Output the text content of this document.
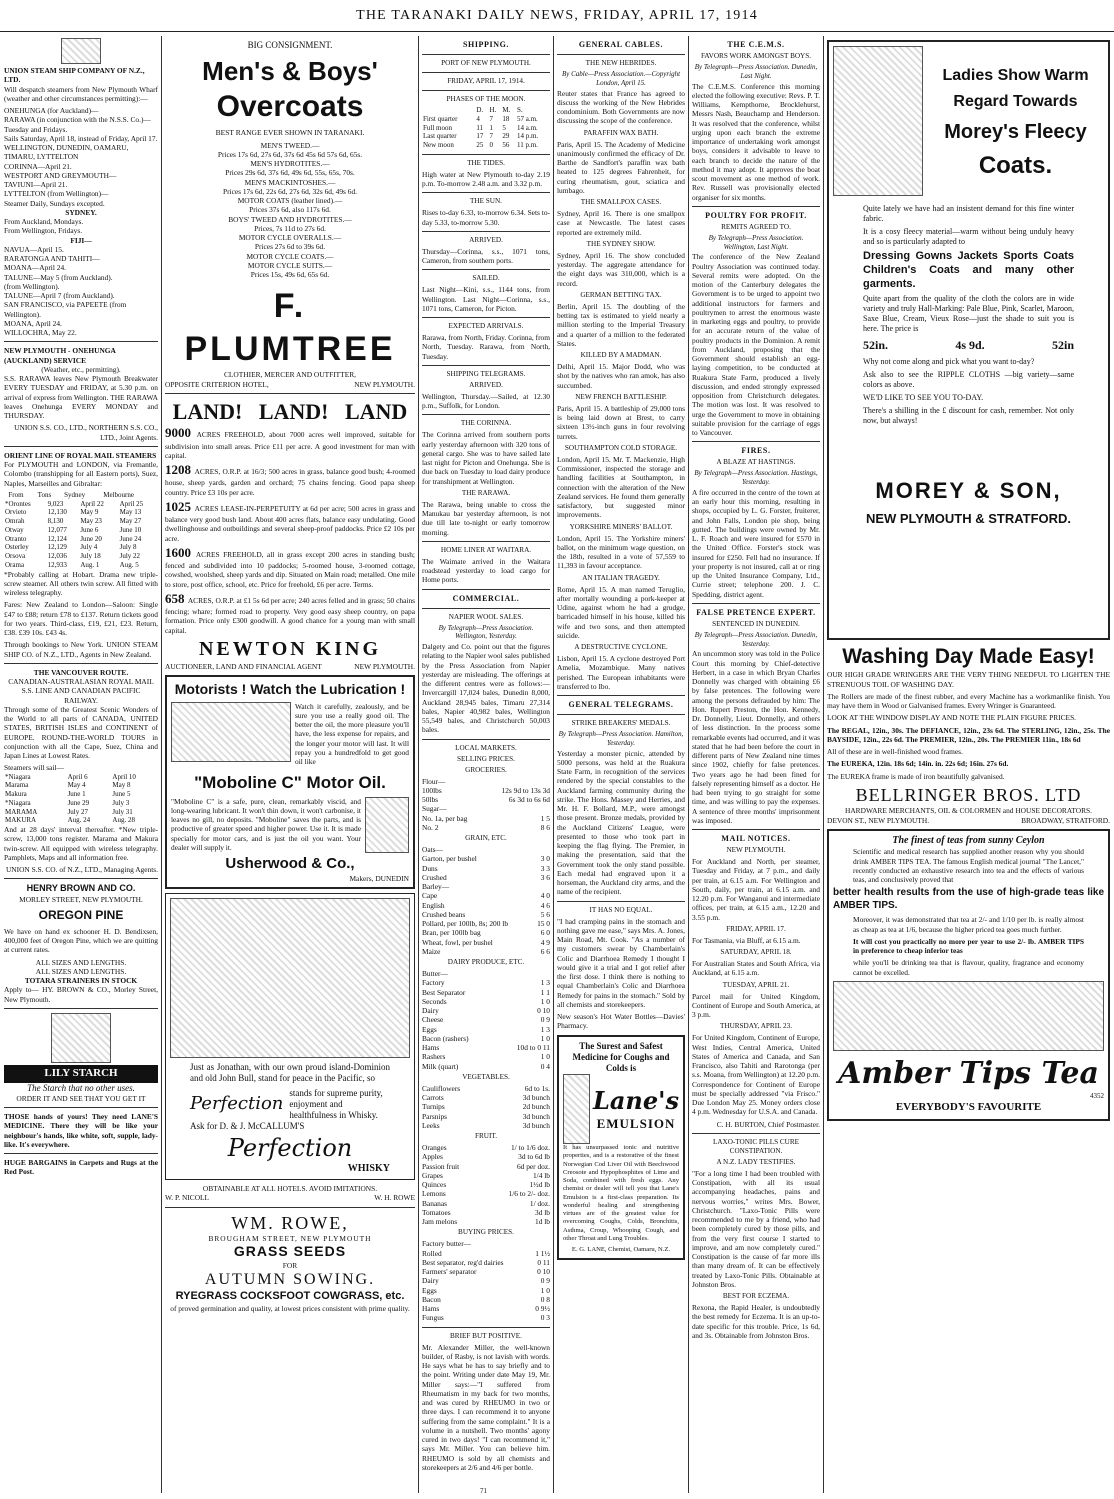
THE TARANAKI DAILY NEWS, FRIDAY, APRIL 17, 1914
UNION STEAM SHIP COMPANY OF N.Z., LTD.

Will despatch steamers from New Plymouth Wharf (weather and other circumstances permitting):—

ONEHUNGA (for Auckland)—
RARAWA (in conjunction with the N.S.S. Co.)—Tuesday and Fridays.
Sails Saturday, April 18, instead of Friday, April 17.
WELLINGTON, DUNEDIN, OAMARU, TIMARU, LYTTELTON
CORINNA—April 21.
WESTPORT AND GREYMOUTH—
TAVIUNI—April 21.
LYTTELTON (from Wellington)—
Steamer Daily, Sundays excepted.
SYDNEY.
From Auckland, Mondays.
From Wellington, Fridays.
FIJI—
NAVUA—April 15.
RARATONGA AND TAHITI—
MOANA—April 24.
TALUNE—May 5 (from Auckland).
(from Wellington).
TALUNE—April 7 (from Auckland).
SAN FRANCISCO, via PAPEETE (from Wellington).
MOANA, April 24.
WILLOCHRA, May 22.
NEW PLYMOUTH - ONEHUNGA (AUCKLAND) SERVICE
(Weather, etc., permitting).

S.S. RARAWA leaves New Plymouth Breakwater EVERY TUESDAY and FRIDAY, at 5.30 p.m. on arrival of express from Wellington. THE RARAWA leaves Onehunga EVERY MONDAY and THURSDAY.

UNION S.S. CO., LTD., NORTHERN S.S. CO., LTD., Joint Agents.
ORIENT LINE OF ROYAL MAIL STEAMERS

For PLYMOUTH and LONDON, via Fremantle, Colombo (transhipping for all Eastern ports), Suez, Naples, Marseilles and Gibraltar:

	From	Tons	Sydney	Melbourne
*Orontes	9,023	April 22	April 25
Orvieto	12,130	May 9	May 13
Omrah	8,130	May 23	May 27
Otway	12,077	June 6	June 10
Otranto	12,124	June 20	June 24
Osterley	12,129	July 4	July 8
Orsova	12,036	July 18	July 22
Orama	12,933	Aug. 1	Aug. 5

*Probably calling at Hobart. Drama new triple-screw steamer. All others twin screw. All fitted with wireless telegraphy.

Fares: New Zealand to London—Saloon: Single £47 to £88; return £78 to £137. Return tickets good for two years. Third-class, £19, £21, £23. Return, £38. £39 10s. £43 4s.

Through bookings to New York. UNION STEAM SHIP CO. of N.Z., LTD., Agents in New Zealand.

THE VANCOUVER ROUTE.
CANADIAN-AUSTRALASIAN ROYAL MAIL S.S. LINE AND CANADIAN PACIFIC RAILWAY.

Through some of the Greatest Scenic Wonders of the World to all parts of CANADA, UNITED STATES, BRITISH ISLES and CONTINENT of EUROPE. ROUND-THE-WORLD TOURS in conjunction with all the Cape, Suez, China and Japan Lines at Lowest Rates.

Steamers will sail—
*Niagara	April 6	April 10
Marama	May 4	May 8
Makura	June 1	June 5
*Niagara	June 29	July 3
MARAMA	July 27	July 31
MAKURA	Aug. 24	Aug. 28

And at 28 days' interval thereafter. *New triple-screw, 13,000 tons register. Marama and Makura twin-screw. All equipped with wireless telegraphy. Pamphlets, Maps and all information free.

UNION S.S. CO. of N.Z., LTD., Managing Agents.
HENRY BROWN AND CO.
MORLEY STREET, NEW PLYMOUTH.
OREGON PINE

We have on hand ex schooner H. D. Bendixsen, 400,000 feet of Oregon Pine, which we are quitting at current rates.

ALL SIZES AND LENGTHS.
ALL SIZES AND LENGTHS.
TOTARA STRAINERS IN STOCK

Apply to— HY. BROWN & CO., Morley Street, New Plymouth.

LILY STARCH
The Starch that no other uses.
ORDER IT AND SEE THAT YOU GET IT

THOSE hands of yours! They need LANE'S MEDICINE. There they will be like your neighbour's hands, like white, soft, supple, lady-like. It's everywhere.

HUGE BARGAINS in Carpets and Rugs at the Red Post.

BIG CONSIGNMENT.
Men's & Boys'
Overcoats
BEST RANGE EVER SHOWN IN TARANAKI.
MEN'S TWEED.—
Prices 17s 6d, 27s 6d, 37s 6d 45s 6d 57s 6d, 65s.
MEN'S HYDROTITES.—
Prices 29s 6d, 37s 6d, 49s 6d, 55s, 65s, 70s.
MEN'S MACKINTOSHES.—
Prices 17s 6d, 22s 6d, 27s 6d, 32s 6d, 49s 6d.
MOTOR COATS (leather lined).—
Prices 37s 6d, also 117s 6d.
BOYS' TWEED AND HYDROTITES.—
Prices, 7s 11d to 27s 6d.
MOTOR CYCLE OVERALLS.—
Prices 27s 6d to 39s 6d.
MOTOR CYCLE COATS.—
MOTOR CYCLE SUITS.—
Prices 15s, 49s 6d, 65s 6d.
F. PLUMTREE
CLOTHIER, MERCER AND OUTFITTER,
OPPOSITE CRITERION HOTEL,	NEW PLYMOUTH.
LAND!   LAND!   LAND
9000 ACRES FREEHOLD, about 7000 acres well improved, suitable for subdivision into small areas. Price £11 per acre. A good investment for man with capital.
1208 ACRES, O.R.P. at 16/3; 500 acres in grass, balance good bush; 4-roomed house, sheep yards, garden and orchard; 75 chains fencing. Good papa sheep country. Price £3 10s per acre.
1025 ACRES LEASE-IN-PERPETUITY at 6d per acre; 500 acres in grass and balance very good bush land. About 400 acres flats, balance easy undulating. Good dwellinghouse and outbuildings and several sheep-proof paddocks. Price £2 10s per acre.
1600 ACRES FREEHOLD, all in grass except 200 acres in standing bush; fenced and subdivided into 10 paddocks; 5-roomed house, 3-roomed cottage, cowshed, woolshed, sheep yards and dip. Situated on Main road; metalled. One mile to store, post office, school, etc. Price for freehold, £6 per acre. Terms.
658 ACRES, O.R.P. at £1 5s 6d per acre; 240 acres felled and in grass; 50 chains fencing; whare; formed road to property. Very good easy sheep country, on papa formation. Price only £300 goodwill. A good chance for a young man with small capital.
NEWTON KING
AUCTIONEER, LAND AND FINANCIAL AGENT	NEW PLYMOUTH.
Motorists ! Watch the Lubrication !

Watch it carefully, zealously, and be sure you use a really good oil. The better the oil, the more pleasure you'll have, the less expense for repairs, and the longer your motor will last. It will repay you a hundredfold to get good oil like

"Moboline C" Motor Oil.

"Moboline C" is a safe, pure, clean, remarkably viscid, and long-wearing lubricant. It won't thin down, it won't carbonise, it leaves no gill, no deposits. "Moboline" saves the parts, and is productive of greater speed and higher power. Use it. It is made specially for motor cars, and is just the oil you want. Your dealer will supply it.

Usherwood & Co.,
Makers, DUNEDIN

Just as Jonathan, with our own proud island-Dominion and old John Bull, stand for peace in the Pacific, so

Perfection
stands for supreme purity, enjoyment and healthfulness in Whisky.
Ask for D. & J. McCALLUM'S
Perfection
WHISKY
OBTAINABLE AT ALL HOTELS. AVOID IMITATIONS.
W. P. NICOLL	W. H. ROWE
WM. ROWE,
BROUGHAM STREET, NEW PLYMOUTH
GRASS SEEDS
FOR
AUTUMN SOWING.
RYEGRASS COCKSFOOT COWGRASS, etc.
of proved germination and quality, at lowest prices consistent with prime quality.
SHIPPING.
PORT OF NEW PLYMOUTH.
FRIDAY, APRIL 17, 1914.
PHASES OF THE MOON.
	D.	H.	M.	S.
First quarter	4	7	18	57 a.m.
Full moon	11	1	5	14 a.m.
Last quarter	17	7	29	14 p.m.
New moon	25	0	56	11 p.m.
THE TIDES.

High water at New Plymouth to-day 2.19 p.m. To-morrow 2.48 a.m. and 3.32 p.m.

THE SUN.

Rises to-day 6.33, to-morrow 6.34. Sets to-day 5.33, to-morrow 5.30.

ARRIVED.

Thursday—Corinna, s.s., 1071 tons, Cameron, from southern ports.

SAILED.

Last Night—Kini, s.s., 1144 tons, from Wellington. Last Night—Corinna, s.s., 1071 tons, Cameron, for Picton.

EXPECTED ARRIVALS.

Rarawa, from North, Friday. Corinna, from North, Tuesday. Rarawa, from North, Tuesday.

SHIPPING TELEGRAMS.
ARRIVED.

Wellington, Thursday.—Sailed, at 12.30 p.m., Suffolk, for London.

THE CORINNA.

The Corinna arrived from southern ports early yesterday afternoon with 320 tons of general cargo. She was to have sailed late last night for Picton and Onehunga. She is due back on Tuesday to load dairy produce for transhipment at Wellington.

THE RARAWA.

The Rarawa, being unable to cross the Manukau bar yesterday afternoon, is not due till late to-night or early tomorrow morning.

HOME LINER AT WAITARA.

The Waimate arrived in the Waitara roadstead yesterday to load cargo for Home ports.

COMMERCIAL.
NAPIER WOOL SALES.
By Telegraph—Press Association. Wellington, Yesterday.

Dalgety and Co. point out that the figures relating to the Napier wool sales published by the Press Association from Napier yesterday are misleading. The offerings at the different centres were as follows:—Invercargill 17,024 bales, Dunedin 8,000, Auckland 28,945 bales, Timaru 27,314 bales, Napier 40,982 bales, Wellington 55,549 bales, and Christchurch 50,003 bales.

LOCAL MARKETS.
SELLING PRICES.
GROCERIES.
Flour—
100lbs	12s 9d to 13s 3d
50lbs	6s 3d to 6s 6d
Sugar—
No. 1a, per bag	1 5
No. 2	8 6
GRAIN, ETC.
Oats—
Garton, per bushel	3 0
Duns	3 3
Crushed	3 6
Barley—
Cape	4 0
English	4 6
Crushed beans	5 6
Pollard, per 100lb, 8s; 200 lb	15 0
Bran, per 100lb bag	6 0
Wheat, fowl, per bushel	4 9
Maize	6 6
DAIRY PRODUCE, ETC.
Butter—
Factory	1 3
Best Separator	1 1
Seconds	1 0
Dairy	0 10
Cheese	0 9
Eggs	1 3
Bacon (rashers)	1 0
Hams	10d to 0 11
Rashers	1 0
Milk (quart)	0 4
VEGETABLES.
Cauliflowers	6d to 1s.
Carrots	3d bunch
Turnips	2d bunch
Parsnips	3d bunch
Leeks	3d bunch
FRUIT.
Oranges	1/ to 1/6 doz.
Apples	3d to 6d lb
Passion fruit	6d per doz.
Grapes	1/4 lb
Quinces	1½d lb
Lemons	1/6 to 2/- doz.
Bananas	1/ doz.
Tomatoes	3d lb
Jam melons	1d lb
BUYING PRICES.
Factory butter—
Rolled	1 1½
Best separator, reg'd dairies	0 11
Farmers' separator	0 10
Dairy	0 9
Eggs	1 0
Bacon	0 8
Hams	0 9½
Fungus	0 3
BRIEF BUT POSITIVE.

Mr. Alexander Miller, the well-known builder, of Rasby, is not lavish with words. He says what he has to say briefly and to the point. Writing under date May 19, Mr. Miller says:—"I suffered from Rheumatism in my back for two months, and was cured by RHEUMO in two or three days. I can recommend it to anyone suffering from the same complaint." It is a volume in a nutshell. Two months' agony cured in two days! "I can recommend it," says Mr. Miller. You can believe him. RHEUMO is sold by all chemists and storekeepers at 2/6 and 4/6 per bottle.

GENERAL CABLES.
THE NEW HEBRIDES.
By Cable—Press Association.—Copyright London, April 15.

Reuter states that France has agreed to discuss the working of the New Hebrides condominium. Both Governments are now discussing the scope of the conference.

PARAFFIN WAX BATH.

Paris, April 15. The Academy of Medicine unanimously confirmed the efficacy of Dr. Barthe de Sandfort's paraffin wax bath heated to 125 degrees Fahrenheit, for curing rheumatism, gout, sciatica and lumbago.

THE SMALLPOX CASES.

Sydney, April 16. There is one smallpox case at Newcastle. The latest cases reported are extremely mild.

THE SYDNEY SHOW.

Sydney, April 16. The show concluded yesterday. The aggregate attendance for the eight days was 310,000, which is a record.

GERMAN BETTING TAX.

Berlin, April 15. The doubling of the betting tax is estimated to yield nearly a million sterling to the Imperial Treasury and a quarter of a million to the federated States.

KILLED BY A MADMAN.

Delhi, April 15. Major Dodd, who was shot by the natives who ran amok, has also succumbed.

NEW FRENCH BATTLESHIP.

Paris, April 15. A battleship of 29,000 tons is being laid down at Brest, to carry sixteen 13½-inch guns in four revolving turrets.

SOUTHAMPTON COLD STORAGE.

London, April 15. Mr. T. Mackenzie, High Commissioner, inspected the storage and handling facilities at Southampton, in connection with the alteration of the New Zealand services. He found them generally satisfactory, but suggested minor improvements.

YORKSHIRE MINERS' BALLOT.

London, April 15. The Yorkshire miners' ballot, on the minimum wage question, on the 18th, resulted in a vote of 57,559 to 11,393 in favour acceptance.

AN ITALIAN TRAGEDY.

Rome, April 15. A man named Teruglio, after mortally wounding a pork-keeper at Udine, against whom he had a grudge, barricaded himself in his house, killed his wife and two sons, and then attempted suicide.

A DESTRUCTIVE CYCLONE.

Lisbon, April 15. A cyclone destroyed Port Amelia, Mozambique. Many natives perished. The European inhabitants were transferred to Ibo.

GENERAL TELEGRAMS.
STRIKE BREAKERS' MEDALS.
By Telegraph—Press Association. Hamilton, Yesterday.

Yesterday a monster picnic, attended by 5000 persons, was held at the Ruakura State Farm, in recognition of the services rendered by the special constables to the Auckland farming community during the strike. The Hons. Massey and Herries, and Mr. H. F. Bollard, M.P., were amongst those present. Bronze medals, provided by the Auckland Citizens' League, were presented to those who took part in keeping the flag flying. The Premier, in making the presentation, said that the Government took the only stand possible. Each medal had engraved upon it a horseman, the Auckland city arms, and the name of the recipient.

IT HAS NO EQUAL.

"I had cramping pains in the stomach and nothing gave me ease," says Mrs. A. Jones, Main Road, Mt. Cook. "As a number of my customers swear by Chamberlain's Colic and Diarrhoea Remedy I thought I would give it a trial and I got relief after the first dose. I think there is nothing to equal Chamberlain's Colic and Diarrhoea Remedy for pains in the stomach." Sold by all chemists and storekeepers.

New season's Hot Water Bottles—Davies' Pharmacy.

The Surest and Safest Medicine for Coughs and Colds is
Lane's
EMULSION

It has unsurpassed tonic and nutritive properties, and is a restorative of the finest Norwegian Cod Liver Oil with Beechwood Creosote and Hypophosphites of Lime and Soda, combined with fresh eggs. Any chemist or dealer will tell you that Lane's Emulsion is a first-class preparation. Its wonderful healing and strengthening virtues are of the greatest value for overcoming Coughs, Colds, Bronchitis, Asthma, Croup, Whooping Cough, and other Throat and Lung Troubles.

E. G. LANE, Chemist, Oamaru, N.Z.
THE C.E.M.S.
FAVORS WORK AMONGST BOYS.
By Telegraph—Press Association. Dunedin, Last Night.

The C.E.M.S. Conference this morning elected the following executive: Revs. P. T. Williams, Kempthorne, Brocklehurst, Messrs Nash, Beauchamp and Henderson. It was resolved that the conference, whilst urging upon each branch the extreme importance of undertaking work amongst boys, considers it advisable to leave to each branch to decide the nature of the method it may adopt. It approves the boat scout movement as one method of work. Rev. Russell was provisionally elected organiser for six months.

POULTRY FOR PROFIT.
REMITS AGREED TO.
By Telegraph—Press Association. Wellington, Last Night.

The conference of the New Zealand Poultry Association was continued today. Several remits were adopted. On the motion of the Canterbury delegates the Government is to be urged to appoint two additional instructors for farmers and poultrymen to arrest the enormous waste in marketing eggs and poultry, to provide for an accurate return of the value of poultry products in the Dominion. A remit from Auckland, proposing that the Government should establish an egg-laying competition, to be conducted at Ruakura State Farm, produced a lively discussion, and ended strongly expressed opposition from Christchurch delegates. The motion was lost. It was resolved to urge the Government to move in obtaining suitable provision for the carriage of eggs to Vancouver.

FIRES.
A BLAZE AT HASTINGS.
By Telegraph—Press Association. Hastings, Yesterday.

A fire occurred in the centre of the town at an early hour this morning, resulting in shops, occupied by L. G. Forster, fruiterer, and John Falls, London pie shop, being gutted. The buildings were owned by Mr. L. F. Roach and were insured for £570 in the United Office. Forster's stock was insured for £250. Fell had no insurance. If your property is not insured, call at or ring up the United Insurance Company, Ltd., Currie street; telephone 200. J. C. Spedding, district agent.

FALSE PRETENCE EXPERT.
SENTENCED IN DUNEDIN.
By Telegraph—Press Association. Dunedin, Yesterday.

An uncommon story was told in the Police Court this morning by Chief-detective Herbert, in a case in which Bryan Charles Donnelly was charged with obtaining £6 by false pretences. The following were among the persons defrauded by him: The Hon. Rupert Preston, the Hon. Kennedy, Dr. Donnelly, Lieut. Donnelly, and others of less distinction. In the process some remarkable events had occurred, and it was stated that he had been before the court in different parts of New Zealand nine times since 1902, chiefly for false pretences. Two years ago he had been fined for falsely representing himself as a doctor. He had been trying to go straight for some time, and was willing to pay the expenses. A sentence of three months' imprisonment was imposed.

MAIL NOTICES.
NEW PLYMOUTH.

For Auckland and North, per steamer, Tuesday and Friday, at 7 p.m., and daily per train, at 6.15 a.m. For Wellington and South, daily, per train, at 6.15 a.m. and 12.20 p.m. For Wanganui and intermediate offices, per train, at 6.15 a.m., 12.20 and 3.55 p.m.

FRIDAY, APRIL 17.

For Tasmania, via Bluff, at 6.15 a.m.

SATURDAY, APRIL 18.

For Australian States and South Africa, via Auckland, at 6.15 a.m.

TUESDAY, APRIL 21.

Parcel mail for United Kingdom, Continent of Europe and South America, at 3 p.m.

THURSDAY, APRIL 23.

For United Kingdom, Continent of Europe, West Indies, Central America, United States of America and Canada, and San Francisco, also Tahiti and Rarotonga (per s.s. Moana, from Wellington) at 12.20 p.m. Correspondence for Continent of Europe must be specially addressed "via Frisco." Due London May 25. Money orders close 4 p.m. Wednesday for U.S.A. and Canada.

C. H. BURTON, Chief Postmaster.
LAXO-TONIC PILLS CURE CONSTIPATION.
A N.Z. LADY TESTIFIES.

"For a long time I had been troubled with Constipation, with all its usual accompanying headaches, pains and nervous worries," writes Mrs. Bower, Christchurch. "Laxo-Tonic Pills were recommended to me by a friend, who had been completely cured by those pills, and from the very first course I started to improve, and am now completely cured." Constipation is the cause of far more ills than many dream of. It can be effectively treated by Laxo-Tonic Pills. Obtainable at Johnston Bros.

BEST FOR ECZEMA.

Rexona, the Rapid Healer, is undoubtedly the best remedy for Eczema. It is an up-to-date specific for this trouble. Price, 1s 6d, and 3s. Obtainable from Johnston Bros.

Ladies Show Warm
Regard Towards
Morey's Fleecy
Coats.

Quite lately we have had an insistent demand for this fine winter fabric.

It is a cosy fleecy material—warm without being unduly heavy and so is particularly adapted to

Dressing Gowns Jackets Sports Coats Children's Coats and many other garments.

Quite apart from the quality of the cloth the colors are in wide variety and truly Hall-Marking: Pale Blue, Pink, Scarlet, Maroon, Saxe Blue, Cream, Vieux Rose—just the shade to suit you is here. The price is

52in.	4s 9d.	52in

Why not come along and pick what you want to-day?

Ask also to see the RIPPLE CLOTHS —big variety—same colors as above.

WE'D LIKE TO SEE YOU TO-DAY.

There's a shilling in the £ discount for cash, remember. Not only now, but always!

MOREY & SON,
NEW PLYMOUTH & STRATFORD.
Washing Day Made Easy!

OUR HIGH GRADE WRINGERS ARE THE VERY THING NEEDFUL TO LIGHTEN THE STRENUOUS TOIL OF WASHING DAY.

The Rollers are made of the finest rubber, and every Machine has a workmanlike finish. You may have them in Wood or Galvanised frames. Every Wringer is Guaranteed.

LOOK AT THE WINDOW DISPLAY AND NOTE THE PLAIN FIGURE PRICES.

The REGAL, 12in., 30s. The DEFIANCE, 12in., 23s 6d. The STERLING, 12in., 25s. The BAYSIDE, 12in., 22s 6d. The PREMIER, 12in., 20s. The PREMIER 11in., 18s 6d

All of these are in well-finished wood frames.

The EUREKA, 12in. 18s 6d; 14in. in. 22s 6d; 16in. 27s 6d.

The EUREKA frame is made of iron beautifully galvanised.

BELLRINGER BROS. LTD
HARDWARE MERCHANTS, OIL & COLORMEN and HOUSE DECORATORS.
DEVON ST., NEW PLYMOUTH.	BROADWAY, STRATFORD.
The finest of teas from sunny Ceylon

Scientific and medical research has supplied another reason why you should drink AMBER TIPS TEA. The famous English medical journal "The Lancet," recently conducted an exhaustive research into tea and the effects of various teas, and conclusively proved that

better health results from the use of high-grade teas like AMBER TIPS.

Moreover, it was demonstrated that tea at 2/- and 1/10 per lb. is really almost as cheap as tea at 1/6, because the higher priced tea goes much further.

It will cost you practically no more per year to use 2/- lb. AMBER TIPS in preference to cheap inferior teas

while you'll be drinking tea that is flavour, quality, fragrance and economy cannot be excelled.

Amber Tips Tea
4352
EVERYBODY'S FAVOURITE
71
